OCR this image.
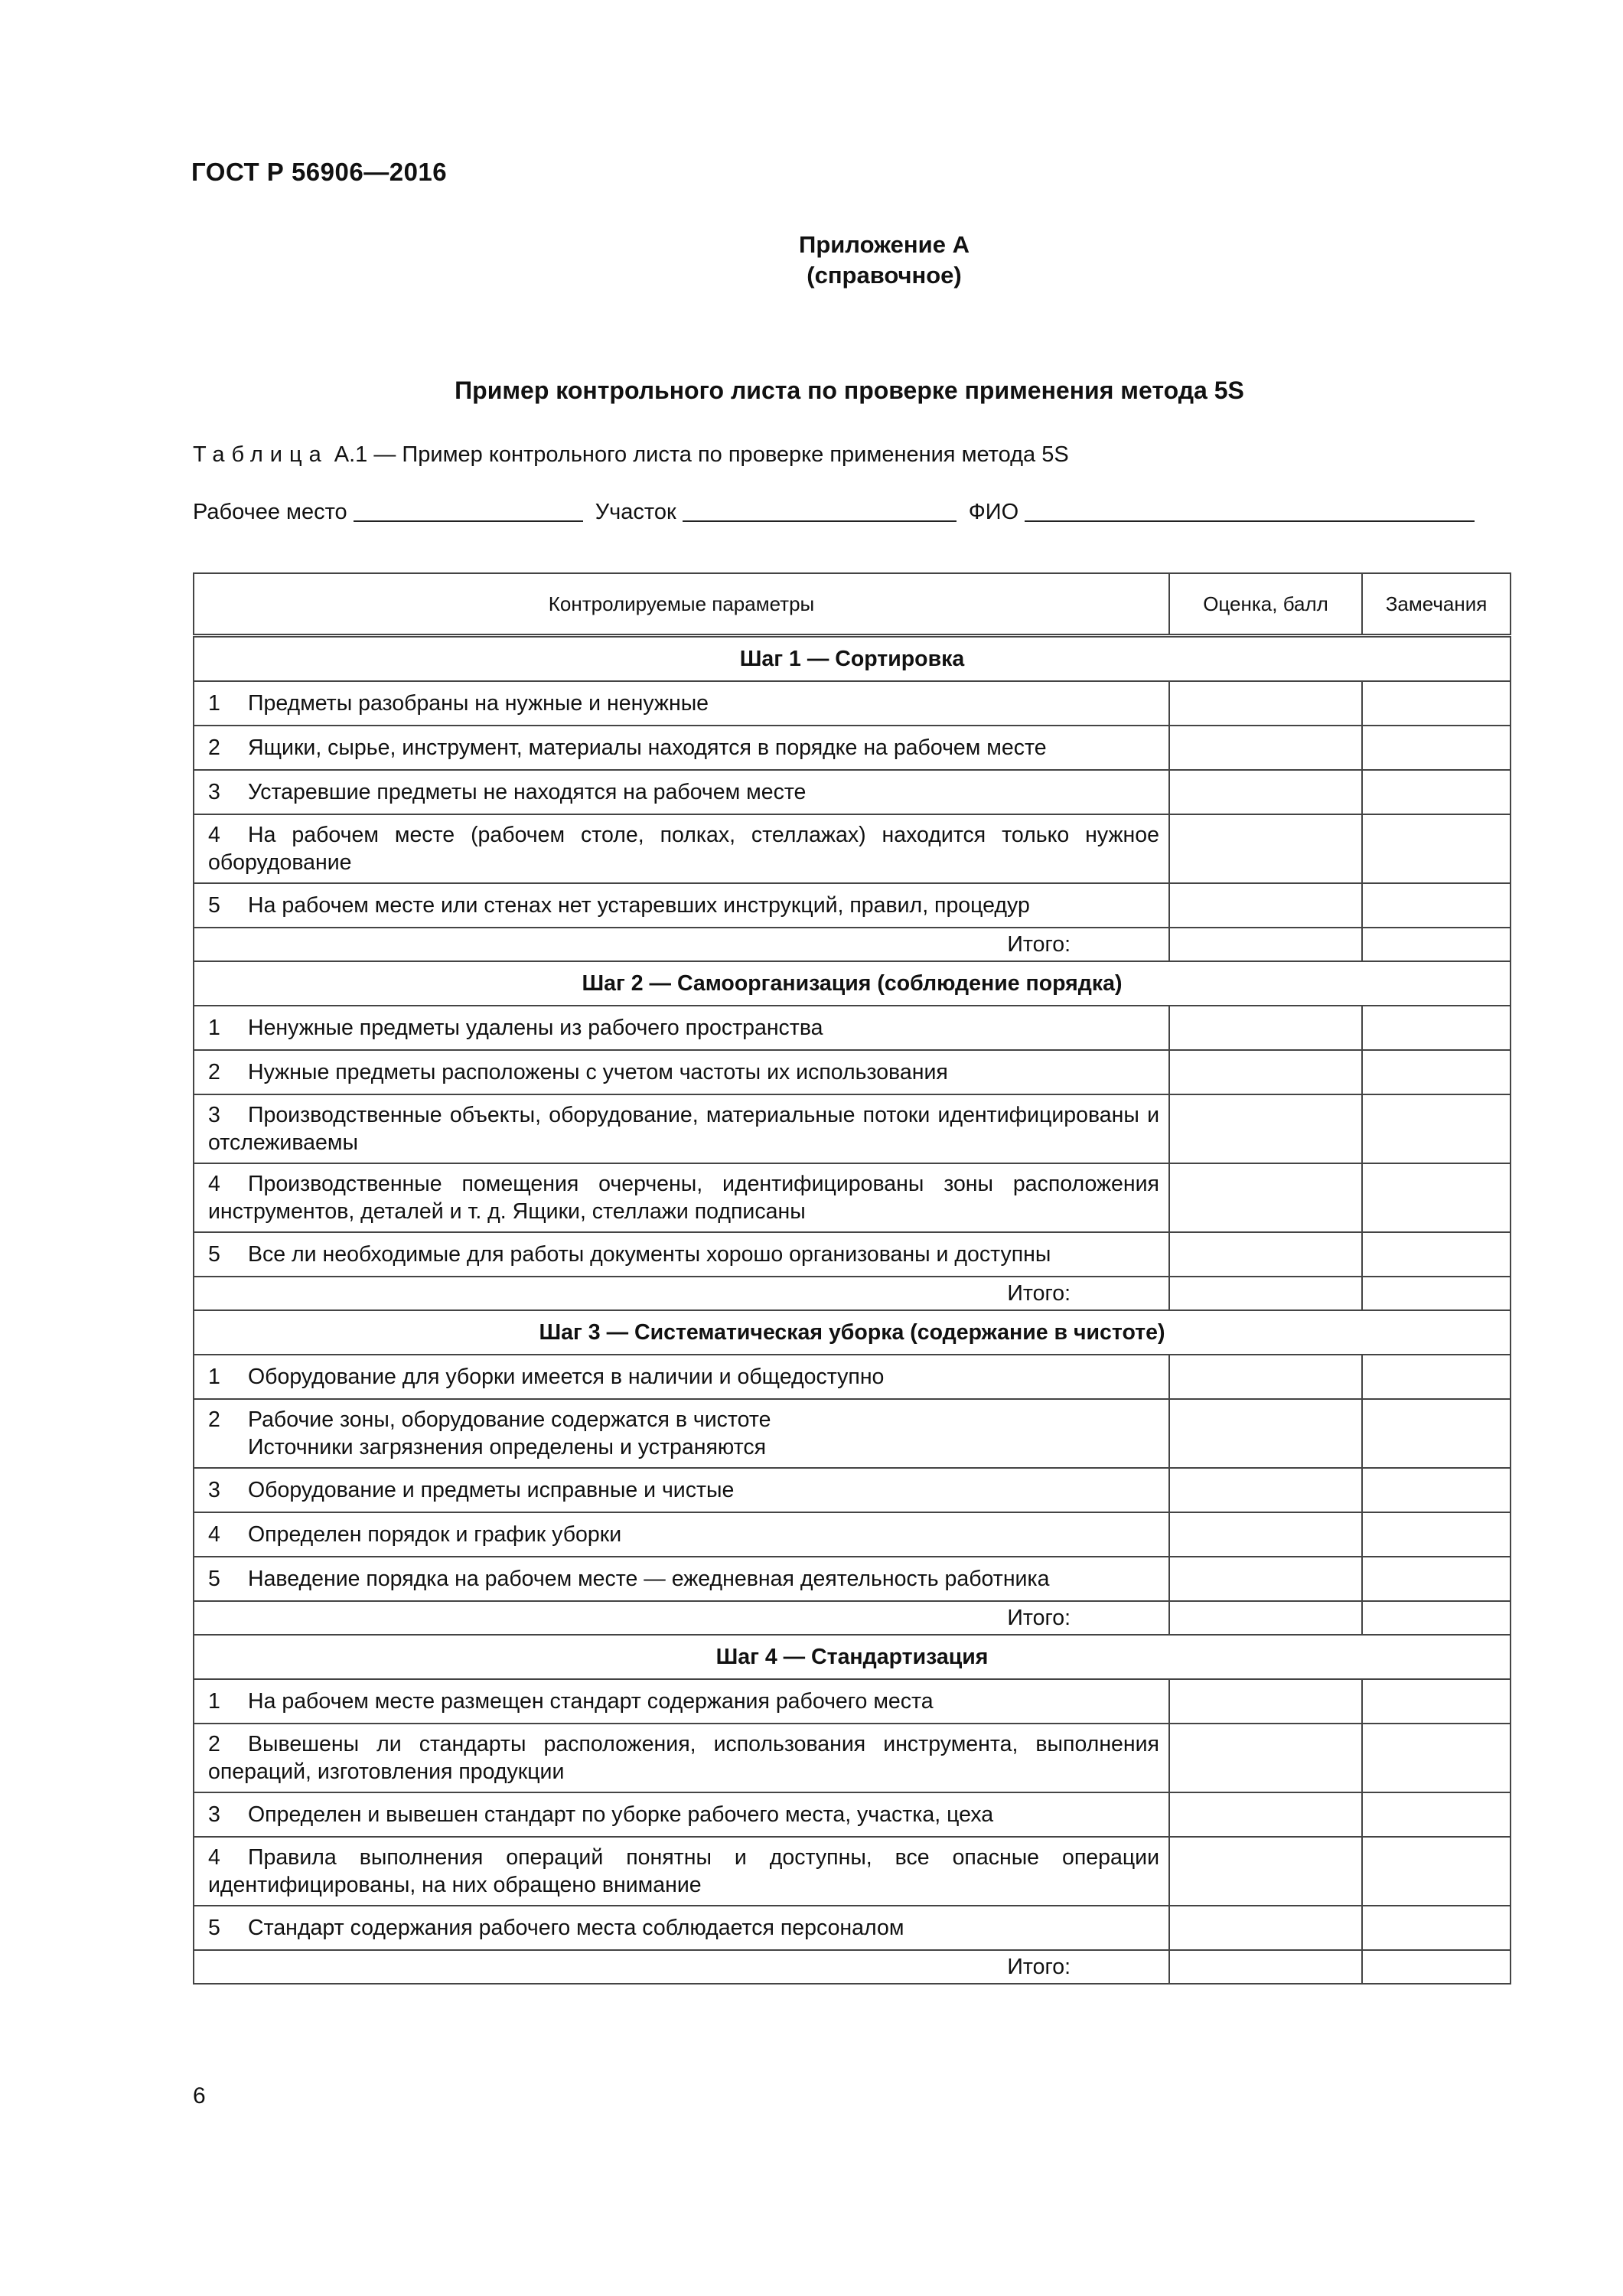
ГОСТ Р 56906—2016
Приложение А
(справочное)
Пример контрольного листа по проверке применения метода 5S
Таблица А.1 — Пример контрольного листа по проверке применения метода 5S
Рабочее место	Участок	ФИО
Контролируемые параметры	Оценка, балл	Замечания
Шаг 1 — Сортировка		
1 Предметы разобраны на нужные и ненужные		
2 Ящики, сырье, инструмент, материалы находятся в порядке на рабочем месте		
3 Устаревшие предметы не находятся на рабочем месте		
4 На рабочем месте (рабочем столе, полках, стеллажах) находится только нужное оборудование		
5 На рабочем месте или стенах нет устаревших инструкций, правил, процедур		
Итого:		
Шаг 2 — Самоорганизация (соблюдение порядка)		
1 Ненужные предметы удалены из рабочего пространства		
2 Нужные предметы расположены с учетом частоты их использования		
3 Производственные объекты, оборудование, материальные потоки идентифицированы и отслеживаемы		
4 Производственные помещения очерчены, идентифицированы зоны расположения инструментов, деталей и т. д. Ящики, стеллажи подписаны		
5 Все ли необходимые для работы документы хорошо организованы и доступны		
Итого:		
Шаг 3 — Систематическая уборка (содержание в чистоте)		
1 Оборудование для уборки имеется в наличии и общедоступно		
2 Рабочие зоны, оборудование содержатся в чистоте
Источники загрязнения определены и устраняются		

3 Оборудование и предметы исправные и чистые		
4 Определен порядок и график уборки		
5 Наведение порядка на рабочем месте — ежедневная деятельность работника		
Итого:		
Шаг 4 — Стандартизация		
1 На рабочем месте размещен стандарт содержания рабочего места		
2 Вывешены ли стандарты расположения, использования инструмента, выполнения операций, изготовления продукции		
3 Определен и вывешен стандарт по уборке рабочего места, участка, цеха		
4 Правила выполнения операций понятны и доступны, все опасные операции идентифицированы, на них обращено внимание		
5 Стандарт содержания рабочего места соблюдается персоналом		
Итого:		
6
